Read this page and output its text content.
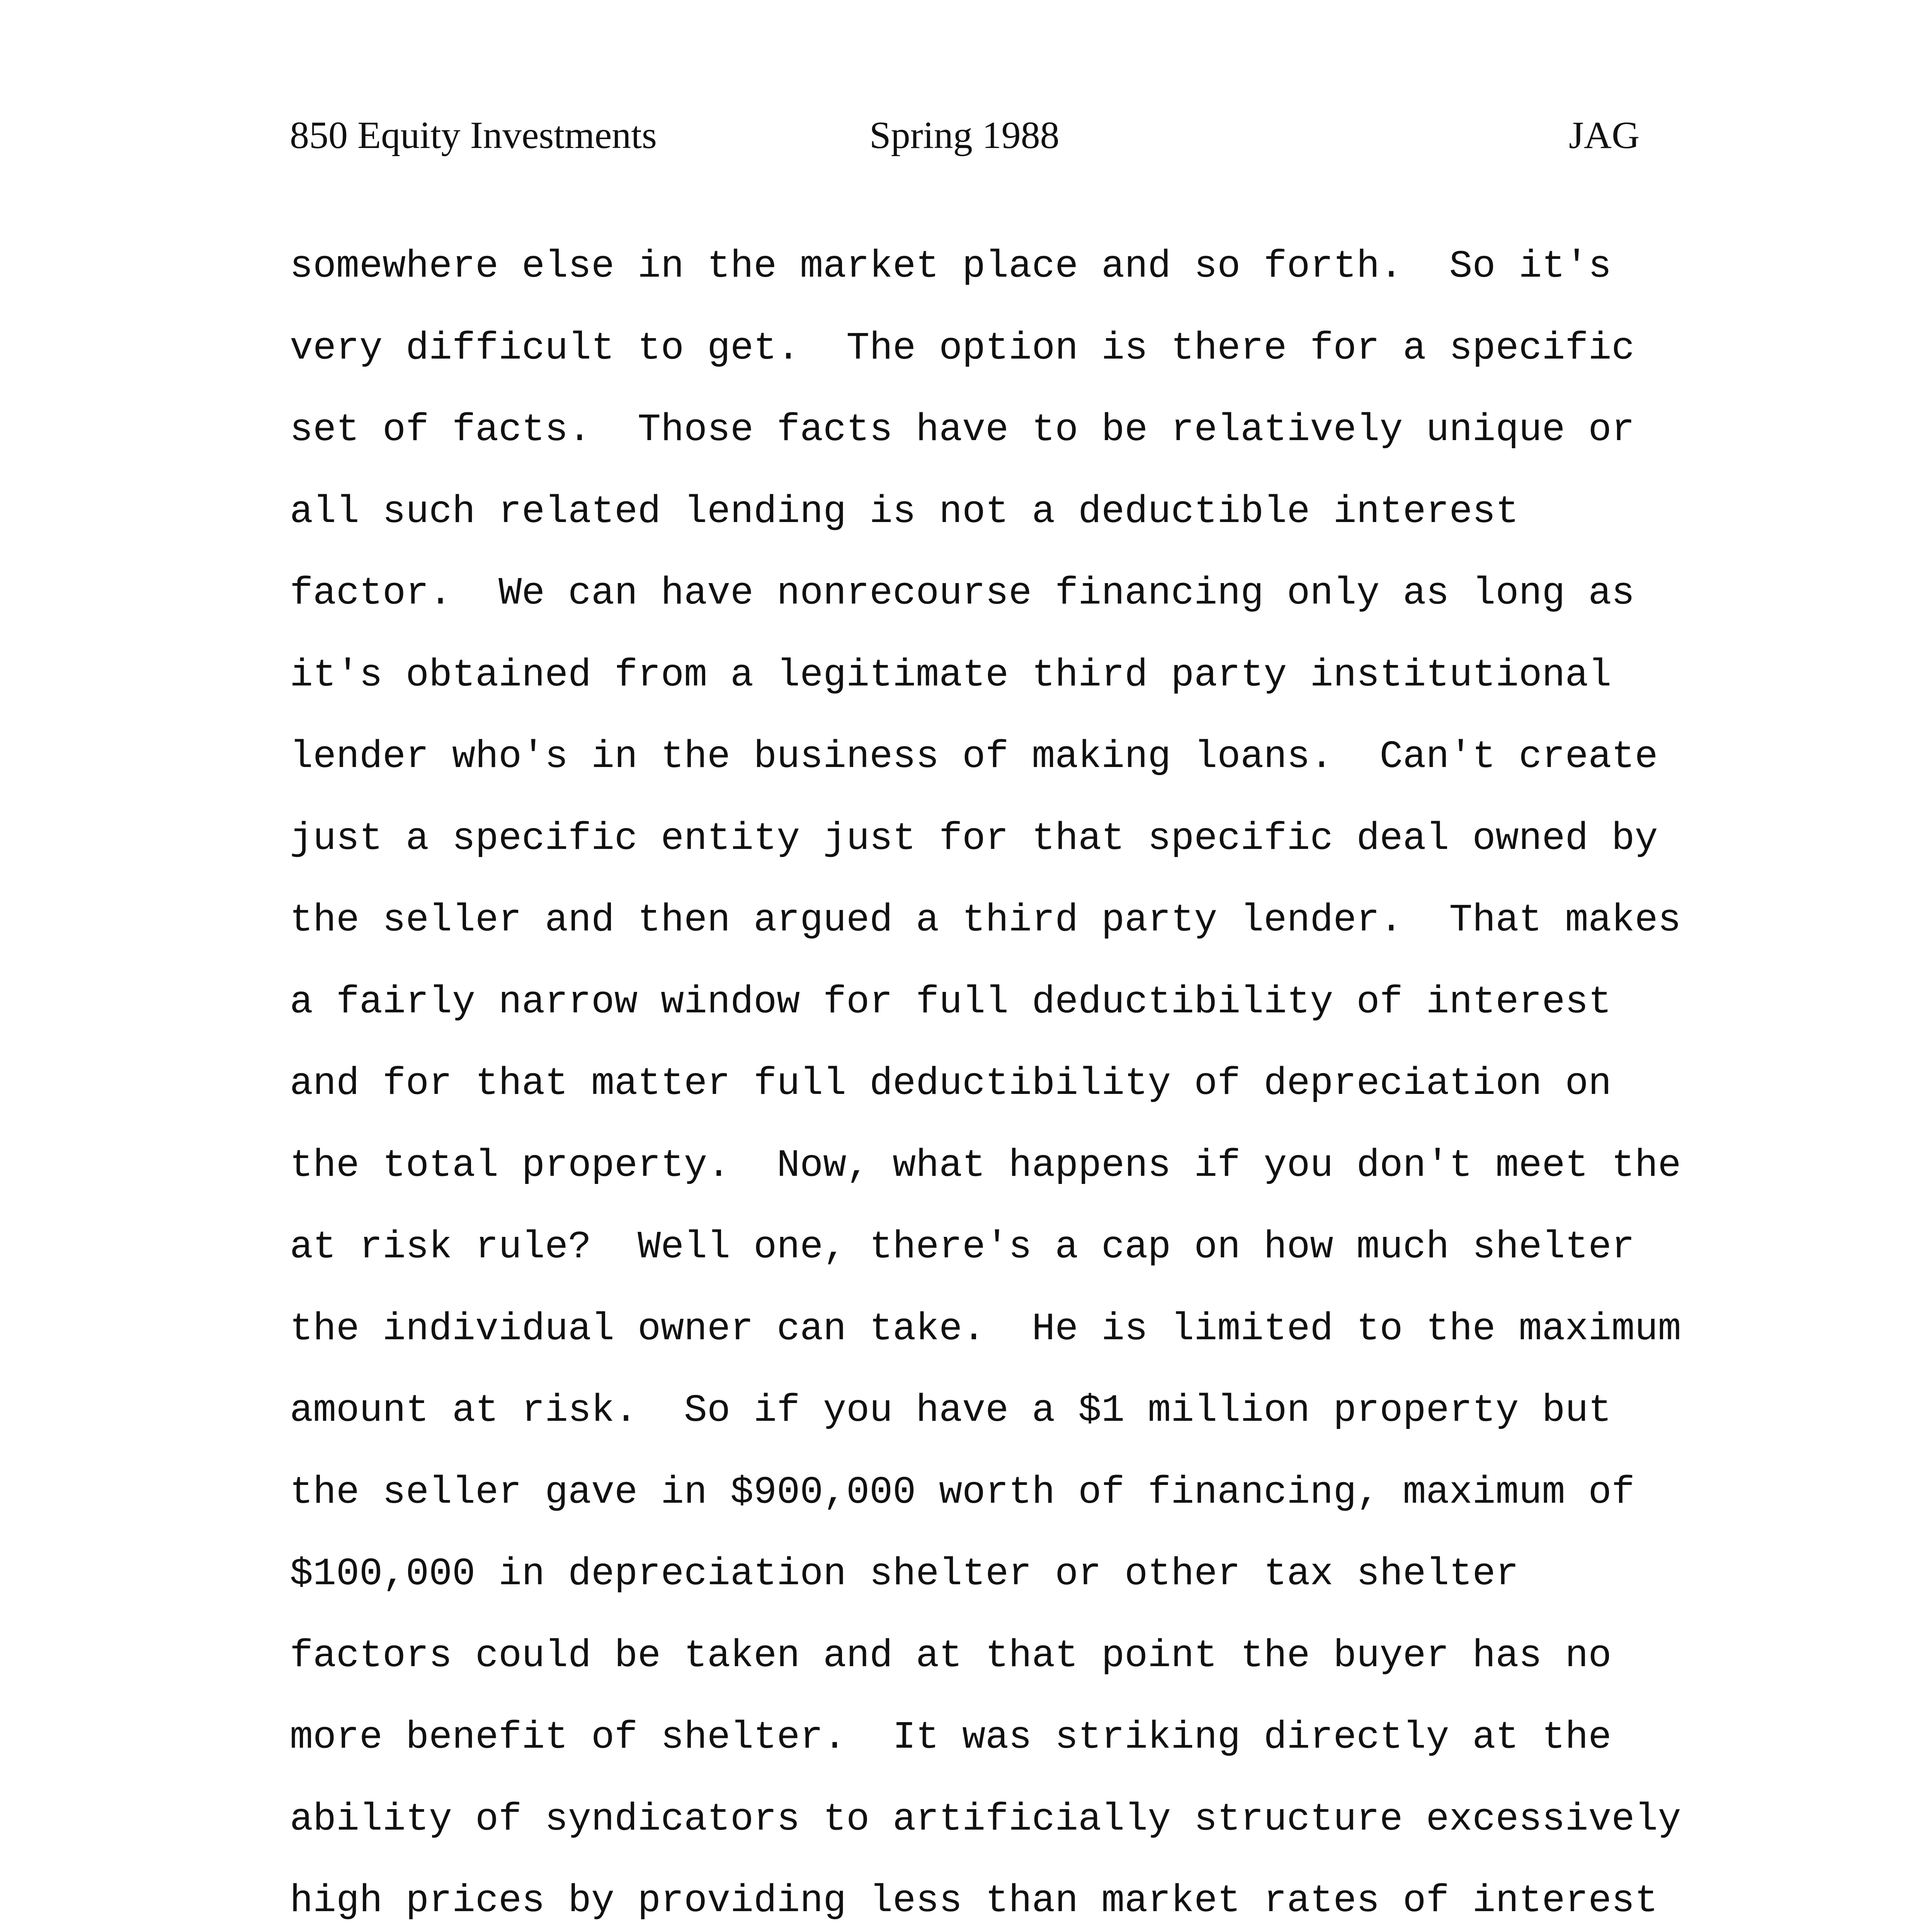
850 Equity Investments	Spring 1988	JAG
somewhere else in the market place and so forth.  So it's
very difficult to get.  The option is there for a specific
set of facts.  Those facts have to be relatively unique or
all such related lending is not a deductible interest
factor.  We can have nonrecourse financing only as long as
it's obtained from a legitimate third party institutional
lender who's in the business of making loans.  Can't create
just a specific entity just for that specific deal owned by
the seller and then argued a third party lender.  That makes
a fairly narrow window for full deductibility of interest
and for that matter full deductibility of depreciation on
the total property.  Now, what happens if you don't meet the
at risk rule?  Well one, there's a cap on how much shelter
the individual owner can take.  He is limited to the maximum
amount at risk.  So if you have a $1 million property but
the seller gave in $900,000 worth of financing, maximum of
$100,000 in depreciation shelter or other tax shelter
factors could be taken and at that point the buyer has no
more benefit of shelter.  It was striking directly at the
ability of syndicators to artificially structure excessively
high prices by providing less than market rates of interest
